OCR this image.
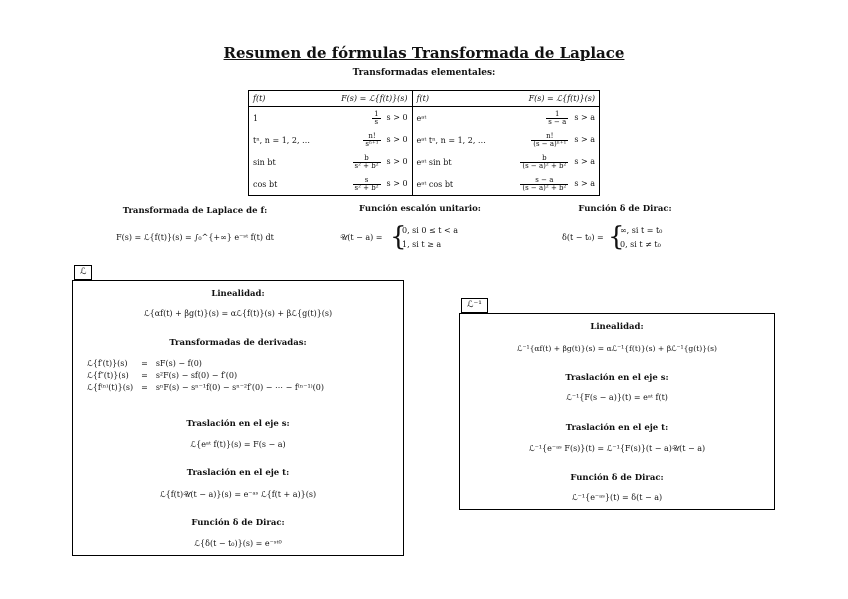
Resumen de fórmulas Transformada de Laplace
Transformadas elementales:
f(t)	F(s) = ℒ{f(t)}(s)	f(t)	F(s) = ℒ{f(t)}(s)
1	$\frac{1}{s}$ s > 0	eᵃᵗ	$\frac{1}{s - a}$ s > a
tⁿ, n = 1, 2, …	$\frac{n!}{\text{sⁿ⁺¹}}$ s > 0	eᵃᵗ tⁿ, n = 1, 2, …	$\frac{n!}{\text{(s − a)ⁿ⁺¹}}$ s > a
sin bt	$\frac{b}{\text{s² + b²}}$ s > 0	eᵃᵗ sin bt	$\frac{b}{\text{(s − a)² + b²}}$ s > a
cos bt	$\frac{s}{\text{s² + b²}}$ s > 0	eᵃᵗ cos bt	$\frac{s - a}{\text{(s − a)² + b²}}$ s > a
Transformada de Laplace de f:
F(s) = ℒ{f(t)}(s) = ∫₀^{+∞} e⁻ˢᵗ f(t) dt
Función escalón unitario:
𝒰(t − a) = {
0, si 0 ≤ t < a
1, si t ≥ a
Función δ de Dirac:
δ(t − t₀) = {
∞, si t = t₀
0, si t ≠ t₀
ℒ
Linealidad:
ℒ{αf(t) + βg(t)}(s) = αℒ{f(t)}(s) + βℒ{g(t)}(s)
Transformadas de derivadas:
ℒ{f′(t)}(s)	= sF(s) − f(0)
ℒ{f″(t)}(s)	= s²F(s) − sf(0) − f′(0)
ℒ{f⁽ⁿ⁾(t)}(s) = sⁿF(s) − sⁿ⁻¹f(0) − sⁿ⁻²f′(0) − ⋯ − f⁽ⁿ⁻¹⁾(0)
Traslación en el eje s:
ℒ{eᵃᵗ f(t)}(s) = F(s − a)
Traslación en el eje t:
ℒ{f(t)𝒰(t − a)}(s) = e⁻ᵃˢ ℒ{f(t + a)}(s)
Función δ de Dirac:
ℒ{δ(t − t₀)}(s) = e⁻ˢᵗ⁰
ℒ⁻¹
Linealidad:
ℒ⁻¹{αf(t) + βg(t)}(s) = αℒ⁻¹{f(t)}(s) + βℒ⁻¹{g(t)}(s)
Traslación en el eje s:
ℒ⁻¹{F(s − a)}(t) = eᵃᵗ f(t)
Traslación en el eje t:
ℒ⁻¹{e⁻ᵃˢ F(s)}(t) = ℒ⁻¹{F(s)}(t − a)𝒰(t − a)
Función δ de Dirac:
ℒ⁻¹{e⁻ᵃˢ}(t) = δ(t − a)
